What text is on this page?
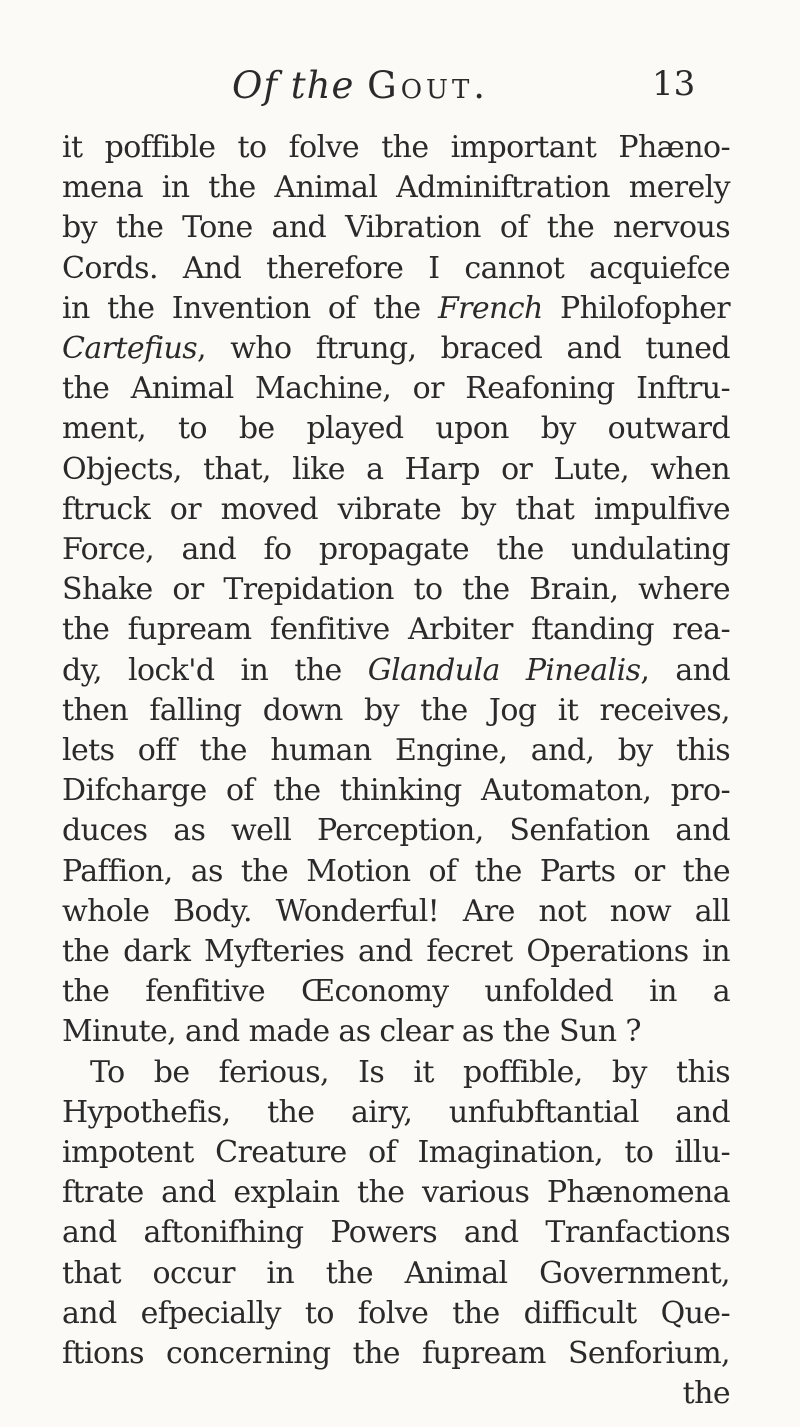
Of the Gout.	13
it poffible to folve the important Phæno-
mena in the Animal Adminiftration merely
by the Tone and Vibration of the nervous
Cords. And therefore I cannot acquiefce
in the Invention of the French Philofopher
Cartefius, who ftrung, braced and tuned
the Animal Machine, or Reafoning Inftru-
ment, to be played upon by outward
Objects, that, like a Harp or Lute, when
ftruck or moved vibrate by that impulfive
Force, and fo propagate the undulating
Shake or Trepidation to the Brain, where
the fupream fenfitive Arbiter ftanding rea-
dy, lock'd in the Glandula Pinealis, and
then falling down by the Jog it receives,
lets off the human Engine, and, by this
Difcharge of the thinking Automaton, pro-
duces as well Perception, Senfation and
Paffion, as the Motion of the Parts or the
whole Body. Wonderful! Are not now all
the dark Myfteries and fecret Operations in
the fenfitive Œconomy unfolded in a
Minute, and made as clear as the Sun ?
To be ferious, Is it poffible, by this
Hypothefis, the airy, unfubftantial and
impotent Creature of Imagination, to illu-
ftrate and explain the various Phænomena
and aftonifhing Powers and Tranfactions
that occur in the Animal Government,
and efpecially to folve the difficult Que-
ftions concerning the fupream Senforium,
the
